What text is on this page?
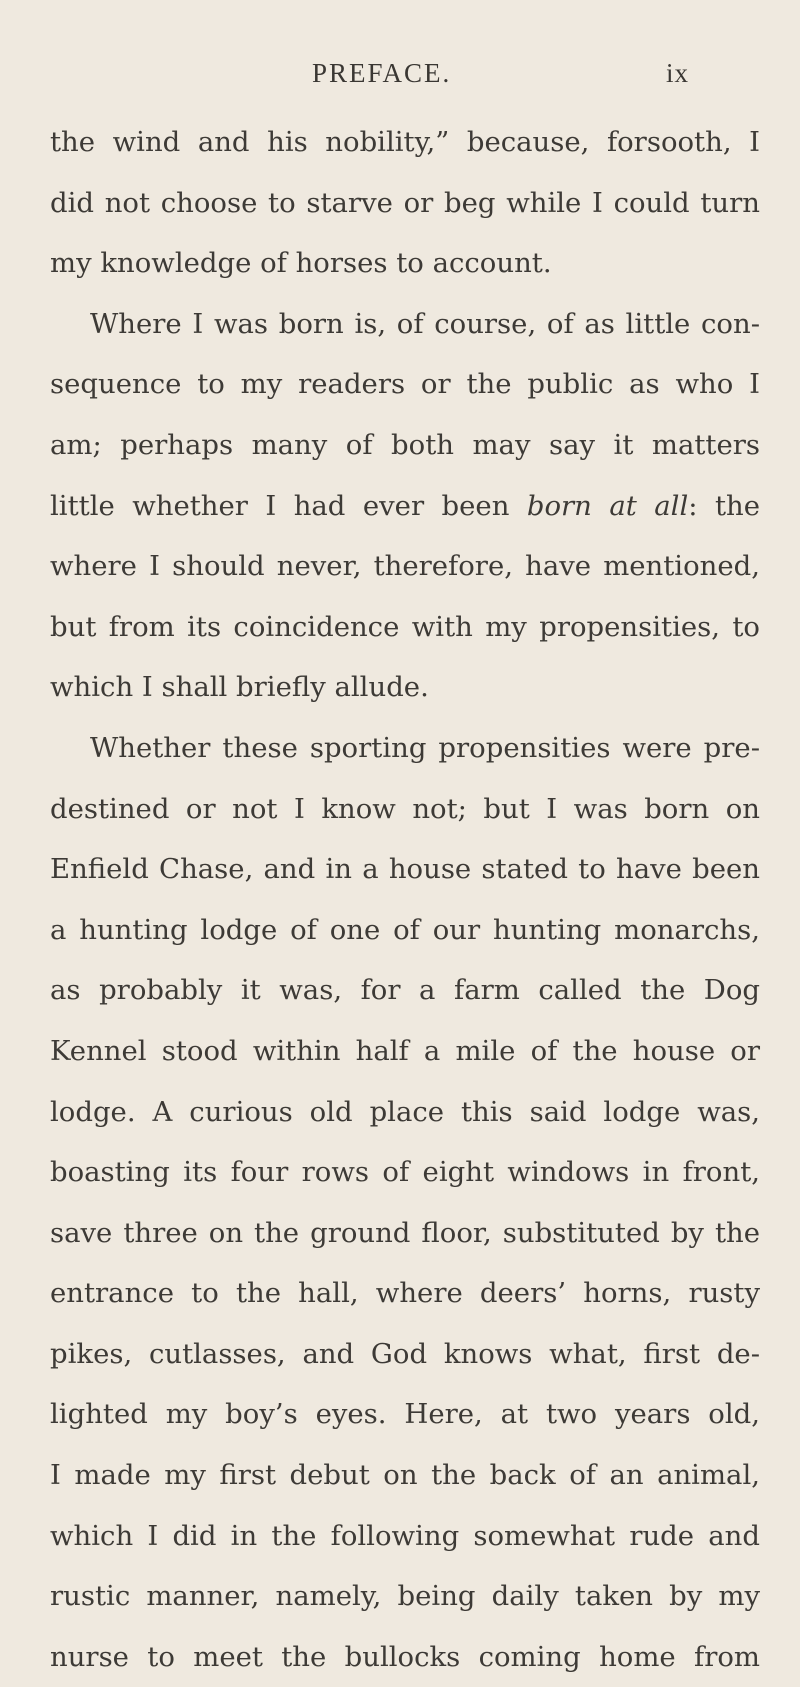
PREFACE.	ix
the wind and his nobility,” because, forsooth, I
did not choose to starve or beg while I could turn
my knowledge of horses to account.
Where I was born is, of course, of as little con-
sequence to my readers or the public as who I
am; perhaps many of both may say it matters
little whether I had ever been born at all: the
where I should never, therefore, have mentioned,
but from its coincidence with my propensities, to
which I shall briefly allude.
Whether these sporting propensities were pre-
destined or not I know not; but I was born on
Enfield Chase, and in a house stated to have been
a hunting lodge of one of our hunting monarchs,
as probably it was, for a farm called the Dog
Kennel stood within half a mile of the house or
lodge. A curious old place this said lodge was,
boasting its four rows of eight windows in front,
save three on the ground floor, substituted by the
entrance to the hall, where deers’ horns, rusty
pikes, cutlasses, and God knows what, first de-
lighted my boy’s eyes. Here, at two years old,
I made my first debut on the back of an animal,
which I did in the following somewhat rude and
rustic manner, namely, being daily taken by my
nurse to meet the bullocks coming home from
